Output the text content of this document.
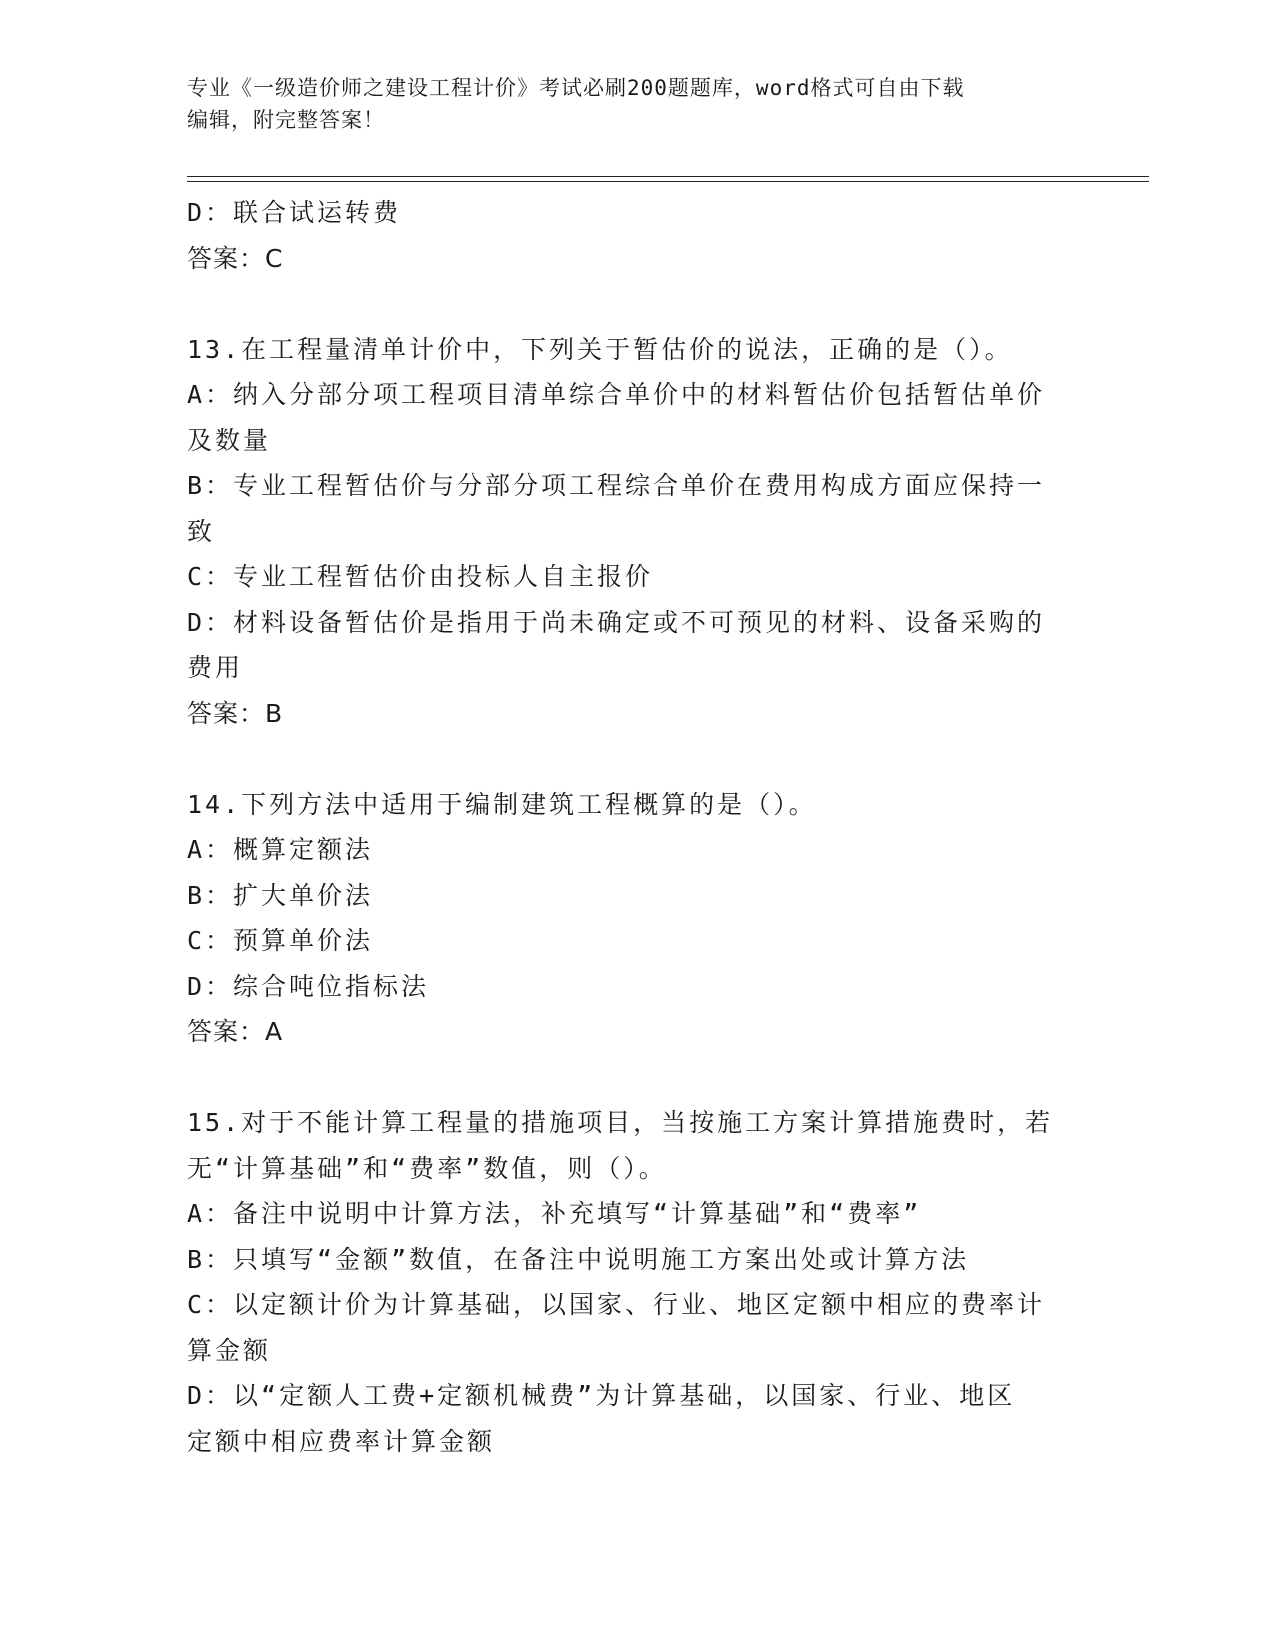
专业《一级造价师之建设工程计价》考试必刷200题题库，word格式可自由下载
编辑，附完整答案！
D：联合试运转费
答案：C
13.在工程量清单计价中，下列关于暂估价的说法，正确的是（）。
A：纳入分部分项工程项目清单综合单价中的材料暂估价包括暂估单价
及数量
B：专业工程暂估价与分部分项工程综合单价在费用构成方面应保持一
致
C：专业工程暂估价由投标人自主报价
D：材料设备暂估价是指用于尚未确定或不可预见的材料、设备采购的
费用
答案：B
14.下列方法中适用于编制建筑工程概算的是（）。
A：概算定额法
B：扩大单价法
C：预算单价法
D：综合吨位指标法
答案：A
15.对于不能计算工程量的措施项目，当按施工方案计算措施费时，若
无“计算基础”和“费率”数值，则（）。
A：备注中说明中计算方法，补充填写“计算基础”和“费率”
B：只填写“金额”数值，在备注中说明施工方案出处或计算方法
C：以定额计价为计算基础，以国家、行业、地区定额中相应的费率计
算金额
D：以“定额人工费+定额机械费”为计算基础，以国家、行业、地区
定额中相应费率计算金额
